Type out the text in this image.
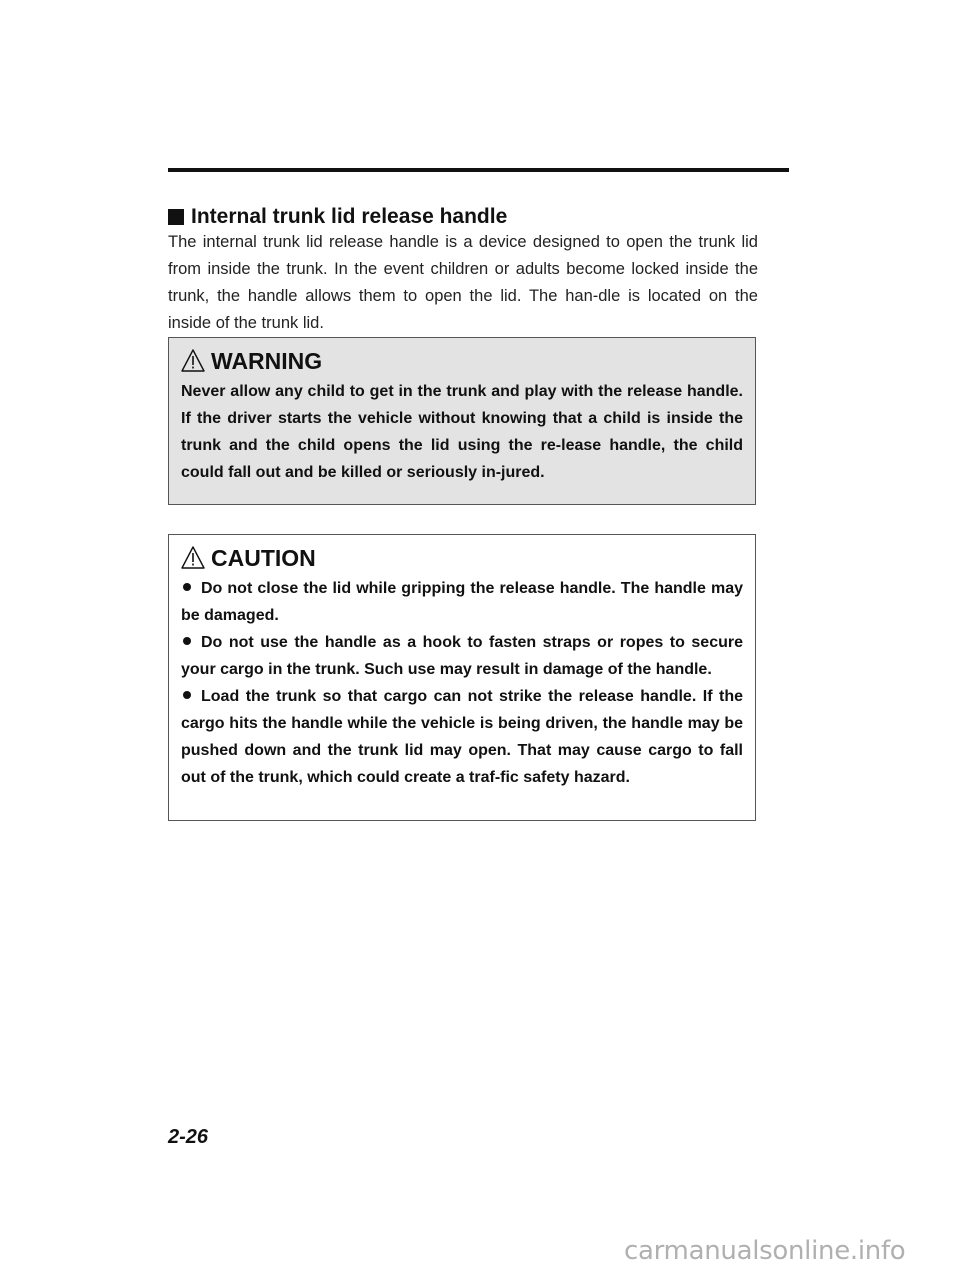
Internal trunk lid release handle
The internal trunk lid release handle is a device designed to open the trunk lid from inside the trunk. In the event children or adults become locked inside the trunk, the handle allows them to open the lid. The han-dle is located on the inside of the trunk lid.
WARNING
Never allow any child to get in the trunk and play with the release handle. If the driver starts the vehicle without knowing that a child is inside the trunk and the child opens the lid using the re-lease handle, the child could fall out and be killed or seriously in-jured.
CAUTION

Do not close the lid while gripping the release handle. The handle may be damaged.

Do not use the handle as a hook to fasten straps or ropes to secure your cargo in the trunk. Such use may result in damage of the handle.

Load the trunk so that cargo can not strike the release handle. If the cargo hits the handle while the vehicle is being driven, the handle may be pushed down and the trunk lid may open. That may cause cargo to fall out of the trunk, which could create a traf-fic safety hazard.

2-26
carmanualsonline.info
